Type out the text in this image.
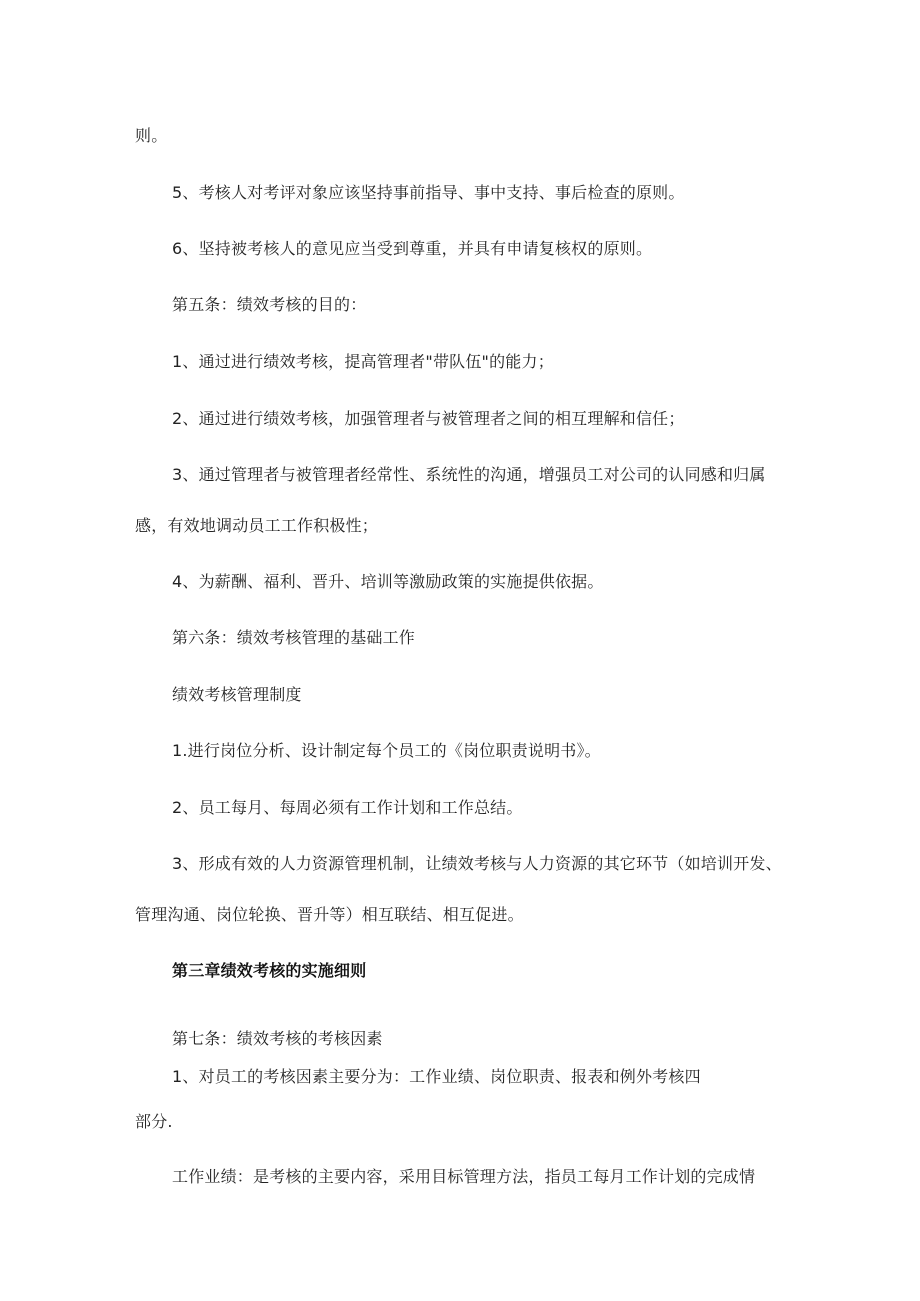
则。
5、考核人对考评对象应该坚持事前指导、事中支持、事后检查的原则。
6、坚持被考核人的意见应当受到尊重，并具有申请复核权的原则。
第五条：绩效考核的目的：
1、通过进行绩效考核，提高管理者"带队伍"的能力；
2、通过进行绩效考核，加强管理者与被管理者之间的相互理解和信任；
3、通过管理者与被管理者经常性、系统性的沟通，增强员工对公司的认同感和归属
感，有效地调动员工工作积极性；
4、为薪酬、福利、晋升、培训等激励政策的实施提供依据。
第六条：绩效考核管理的基础工作
绩效考核管理制度
1.进行岗位分析、设计制定每个员工的《岗位职责说明书》。
2、员工每月、每周必须有工作计划和工作总结。
3、形成有效的人力资源管理机制，让绩效考核与人力资源的其它环节（如培训开发、
管理沟通、岗位轮换、晋升等）相互联结、相互促进。
第三章绩效考核的实施细则
第七条：绩效考核的考核因素
1、对员工的考核因素主要分为：工作业绩、岗位职责、报表和例外考核四
部分.
工作业绩：是考核的主要内容，采用目标管理方法，指员工每月工作计划的完成情
